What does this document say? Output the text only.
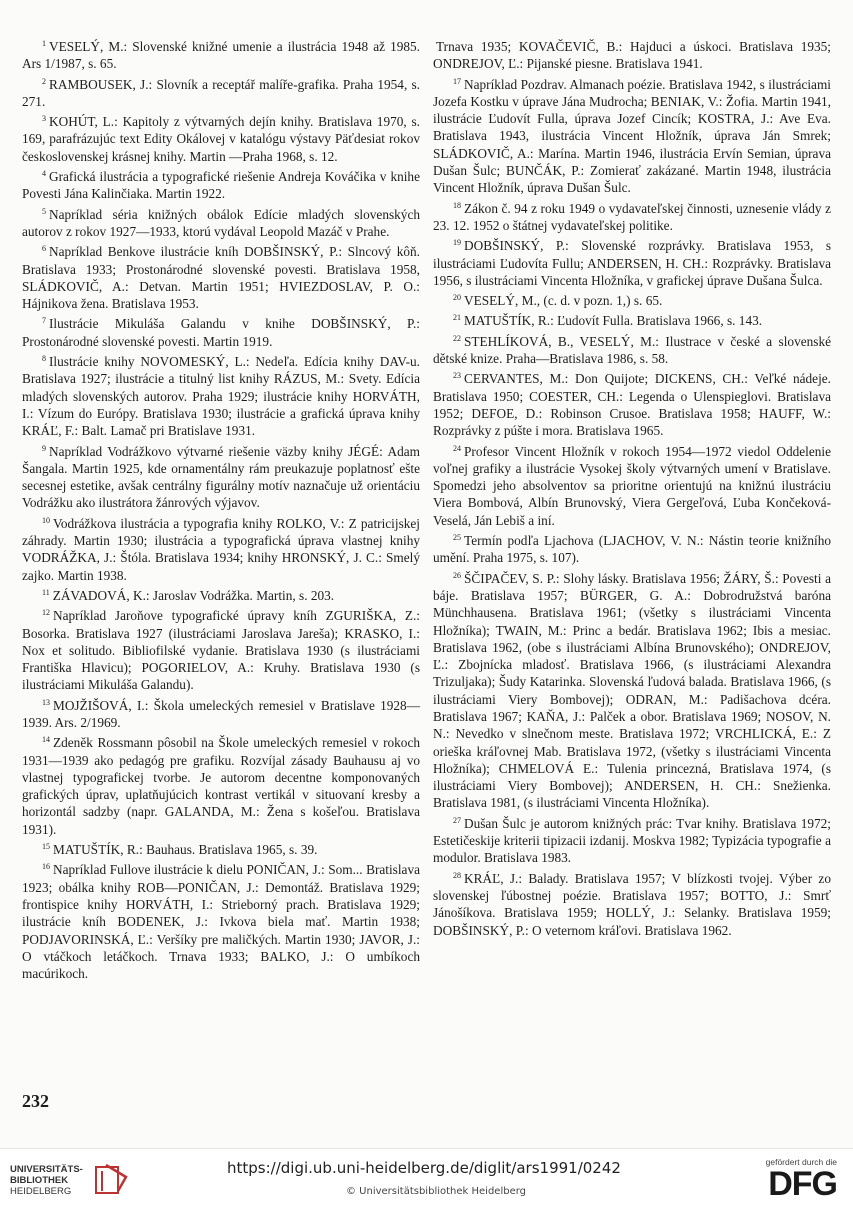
$^1$ VESELÝ, M.: Slovenské knižné umenie a ilustrácia 1948 až 1985. Ars 1/1987, s. 65.

$^2$ RAMBOUSEK, J.: Slovník a receptář malíře-grafika. Praha 1954, s. 271.

$^3$ KOHÚT, L.: Kapitoly z výtvarných dejín knihy. Bratislava 1970, s. 169, parafrázujúc text Edity Okálovej v katalógu výstavy Päťdesiat rokov československej krásnej knihy. Martin —Praha 1968, s. 12.

$^4$ Grafická ilustrácia a typografické riešenie Andreja Kováčika v knihe Povesti Jána Kalinčiaka. Martin 1922.

$^5$ Napríklad séria knižných obálok Edície mladých slovenských autorov z rokov 1927—1933, ktorú vydával Leopold Mazáč v Prahe.

$^6$ Napríklad Benkove ilustrácie kníh DOBŠINSKÝ, P.: Slncový kôň. Bratislava 1933; Prostonárodné slovenské povesti. Bratislava 1958, SLÁDKOVIČ, A.: Detvan. Martin 1951; HVIEZDOSLAV, P. O.: Hájnikova žena. Bratislava 1953.

$^7$ Ilustrácie Mikuláša Galandu v knihe DOBŠINSKÝ, P.: Prostonárodné slovenské povesti. Martin 1919.

$^8$ Ilustrácie knihy NOVOMESKÝ, L.: Nedeľa. Edícia knihy DAV-u. Bratislava 1927; ilustrácie a titulný list knihy RÁZUS, M.: Svety. Edícia mladých slovenských autorov. Praha 1929; ilustrácie knihy HORVÁTH, I.: Vízum do Európy. Bratislava 1930; ilustrácie a grafická úprava knihy KRÁĽ, F.: Balt. Lamač pri Bratislave 1931.

$^9$ Napríklad Vodrážkovo výtvarné riešenie väzby knihy JÉGÉ: Adam Šangala. Martin 1925, kde ornamentálny rám preukazuje poplatnosť ešte secesnej estetike, avšak centrálny figurálny motív naznačuje už orientáciu Vodrážku ako ilustrátora žánrových výjavov.

$^{10}$ Vodrážkova ilustrácia a typografia knihy ROLKO, V.: Z patricijskej záhrady. Martin 1930; ilustrácia a typografická úprava vlastnej knihy VODRÁŽKA, J.: Štóla. Bratislava 1934; knihy HRONSKÝ, J. C.: Smelý zajko. Martin 1938.

$^{11}$ ZÁVADOVÁ, K.: Jaroslav Vodrážka. Martin, s. 203.

$^{12}$ Napríklad Jaroňove typografické úpravy kníh ZGURIŠKA, Z.: Bosorka. Bratislava 1927 (ilustráciami Jaroslava Jareša); KRASKO, I.: Nox et solitudo. Bibliofilské vydanie. Bratislava 1930 (s ilustráciami Františka Hlavicu); POGORIELOV, A.: Kruhy. Bratislava 1930 (s ilustráciami Mikuláša Galandu).

$^{13}$ MOJŽIŠOVÁ, I.: Škola umeleckých remesiel v Bratislave 1928—1939. Ars. 2/1969.

$^{14}$ Zdeněk Rossmann pôsobil na Škole umeleckých remesiel v rokoch 1931—1939 ako pedagóg pre grafiku. Rozvíjal zásady Bauhausu aj vo vlastnej typografickej tvorbe. Je autorom decentne komponovaných grafických úprav, uplatňujúcich kontrast vertikál v situovaní kresby a horizontál sadzby (napr. GALANDA, M.: Žena s košeľou. Bratislava 1931).

$^{15}$ MATUŠTÍK, R.: Bauhaus. Bratislava 1965, s. 39.

$^{16}$ Napríklad Fullove ilustrácie k dielu PONIČAN, J.: Som... Bratislava 1923; obálka knihy ROB—PONIČAN, J.: Demontáž. Bratislava 1929; frontispice knihy HORVÁTH, I.: Strieborný prach. Bratislava 1929; ilustrácie kníh BODENEK, J.: Ivkova biela mať. Martin 1938; PODJAVORINSKÁ, Ľ.: Veršíky pre maličkých. Martin 1930; JAVOR, J.: O vtáčkoch letáčkoch. Trnava 1933; BALKO, J.: O umbíkoch macúrikoch.

Trnava 1935; KOVAČEVIČ, B.: Hajduci a úskoci. Bratislava 1935; ONDREJOV, Ľ.: Pijanské piesne. Bratislava 1941.

$^{17}$ Napríklad Pozdrav. Almanach poézie. Bratislava 1942, s ilustráciami Jozefa Kostku v úprave Jána Mudrocha; BENIAK, V.: Žofia. Martin 1941, ilustrácie Ľudovít Fulla, úprava Jozef Cincík; KOSTRA, J.: Ave Eva. Bratislava 1943, ilustrácia Vincent Hložník, úprava Ján Smrek; SLÁDKOVIČ, A.: Marína. Martin 1946, ilustrácia Ervín Semian, úprava Dušan Šulc; BUNČÁK, P.: Zomierať zakázané. Martin 1948, ilustrácia Vincent Hložník, úprava Dušan Šulc.

$^{18}$ Zákon č. 94 z roku 1949 o vydavateľskej činnosti, uznesenie vlády z 23. 12. 1952 o štátnej vydavateľskej politike.

$^{19}$ DOBŠINSKÝ, P.: Slovenské rozprávky. Bratislava 1953, s ilustráciami Ľudovíta Fullu; ANDERSEN, H. CH.: Rozprávky. Bratislava 1956, s ilustráciami Vincenta Hložníka, v grafickej úprave Dušana Šulca.

$^{20}$ VESELÝ, M., (c. d. v pozn. 1,) s. 65.

$^{21}$ MATUŠTÍK, R.: Ľudovít Fulla. Bratislava 1966, s. 143.

$^{22}$ STEHLÍKOVÁ, B., VESELÝ, M.: Ilustrace v české a slovenské dětské knize. Praha—Bratislava 1986, s. 58.

$^{23}$ CERVANTES, M.: Don Quijote; DICKENS, CH.: Veľké nádeje. Bratislava 1950; COESTER, CH.: Legenda o Ulenspieglovi. Bratislava 1952; DEFOE, D.: Robinson Crusoe. Bratislava 1958; HAUFF, W.: Rozprávky z púšte i mora. Bratislava 1965.

$^{24}$ Profesor Vincent Hložník v rokoch 1954—1972 viedol Oddelenie voľnej grafiky a ilustrácie Vysokej školy výtvarných umení v Bratislave. Spomedzi jeho absolventov sa prioritne orientujú na knižnú ilustráciu Viera Bombová, Albín Brunovský, Viera Gergeľová, Ľuba Končeková-Veselá, Ján Lebiš a iní.

$^{25}$ Termín podľa Ljachova (LJACHOV, V. N.: Nástin teorie knižního umění. Praha 1975, s. 107).

$^{26}$ ŠČIPAČEV, S. P.: Slohy lásky. Bratislava 1956; ŽÁRY, Š.: Povesti a báje. Bratislava 1957; BÜRGER, G. A.: Dobrodružstvá baróna Münchhausena. Bratislava 1961; (všetky s ilustráciami Vincenta Hložníka); TWAIN, M.: Princ a bedár. Bratislava 1962; Ibis a mesiac. Bratislava 1962, (obe s ilustráciami Albína Brunovského); ONDREJOV, Ľ.: Zbojnícka mladosť. Bratislava 1966, (s ilustráciami Alexandra Trizuljaka); Šudy Katarinka. Slovenská ľudová balada. Bratislava 1966, (s ilustráciami Viery Bombovej); ODRAN, M.: Padišachova dcéra. Bratislava 1967; KAŇA, J.: Palček a obor. Bratislava 1969; NOSOV, N. N.: Nevedko v slnečnom meste. Bratislava 1972; VRCHLICKÁ, E.: Z orieška kráľovnej Mab. Bratislava 1972, (všetky s ilustráciami Vincenta Hložníka); CHMELOVÁ E.: Tulenia princezná, Bratislava 1974, (s ilustráciami Viery Bombovej); ANDERSEN, H. CH.: Snežienka. Bratislava 1981, (s ilustráciami Vincenta Hložníka).

$^{27}$ Dušan Šulc je autorom knižných prác: Tvar knihy. Bratislava 1972; Estetičeskije kriterii tipizacii izdanij. Moskva 1982; Typizácia typografie a modulor. Bratislava 1983.

$^{28}$ KRÁĽ, J.: Balady. Bratislava 1957; V blízkosti tvojej. Výber zo slovenskej ľúbostnej poézie. Bratislava 1957; BOTTO, J.: Smrť Jánošíkova. Bratislava 1959; HOLLÝ, J.: Selanky. Bratislava 1959; DOBŠINSKÝ, P.: O veternom kráľovi. Bratislava 1962.

232
UNIVERSITÄTS-
BIBLIOTHEK
HEIDELBERG
https://digi.ub.uni-heidelberg.de/diglit/ars1991/0242
© Universitätsbibliothek Heidelberg
gefördert durch die
DFG
